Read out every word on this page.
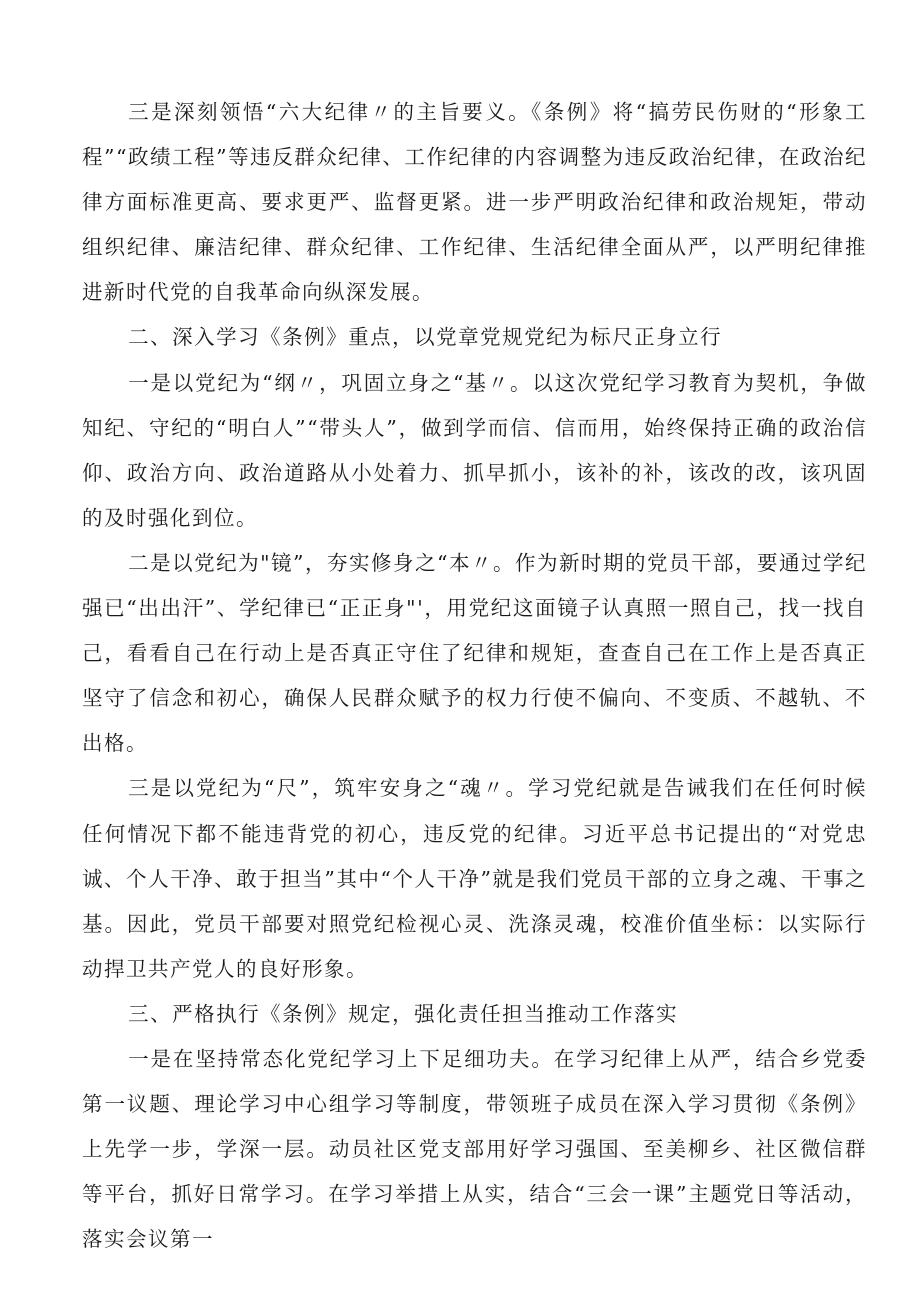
三是深刻领悟“六大纪律〃的主旨要义。《条例》将“搞劳民伤财的“形象工程”“政绩工程”等违反群众纪律、工作纪律的内容调整为违反政治纪律，在政治纪律方面标准更高、要求更严、监督更紧。进一步严明政治纪律和政治规矩，带动组织纪律、廉洁纪律、群众纪律、工作纪律、生活纪律全面从严，以严明纪律推进新时代党的自我革命向纵深发展。

二、深入学习《条例》重点，以党章党规党纪为标尺正身立行

一是以党纪为“纲〃，巩固立身之“基〃。以这次党纪学习教育为契机，争做知纪、守纪的“明白人”“带头人”，做到学而信、信而用，始终保持正确的政治信仰、政治方向、政治道路从小处着力、抓早抓小，该补的补，该改的改，该巩固的及时强化到位。

二是以党纪为"镜”，夯实修身之“本〃。作为新时期的党员干部，要通过学纪强已“出出汗”、学纪律已“正正身"'，用党纪这面镜子认真照一照自己，找一找自己，看看自己在行动上是否真正守住了纪律和规矩，查查自己在工作上是否真正坚守了信念和初心，确保人民群众赋予的权力行使不偏向、不变质、不越轨、不出格。

三是以党纪为“尺”，筑牢安身之“魂〃。学习党纪就是告诫我们在任何时候任何情况下都不能违背党的初心，违反党的纪律。习近平总书记提出的“对党忠诚、个人干净、敢于担当”其中“个人干净”就是我们党员干部的立身之魂、干事之基。因此，党员干部要对照党纪检视心灵、洗涤灵魂，校准价值坐标：以实际行动捍卫共产党人的良好形象。

三、严格执行《条例》规定，强化责任担当推动工作落实

一是在坚持常态化党纪学习上下足细功夫。在学习纪律上从严，结合乡党委第一议题、理论学习中心组学习等制度，带领班子成员在深入学习贯彻《条例》上先学一步，学深一层。动员社区党支部用好学习强国、至美柳乡、社区微信群等平台，抓好日常学习。在学习举措上从实，结合“三会一课”主题党日等活动，落实会议第一
